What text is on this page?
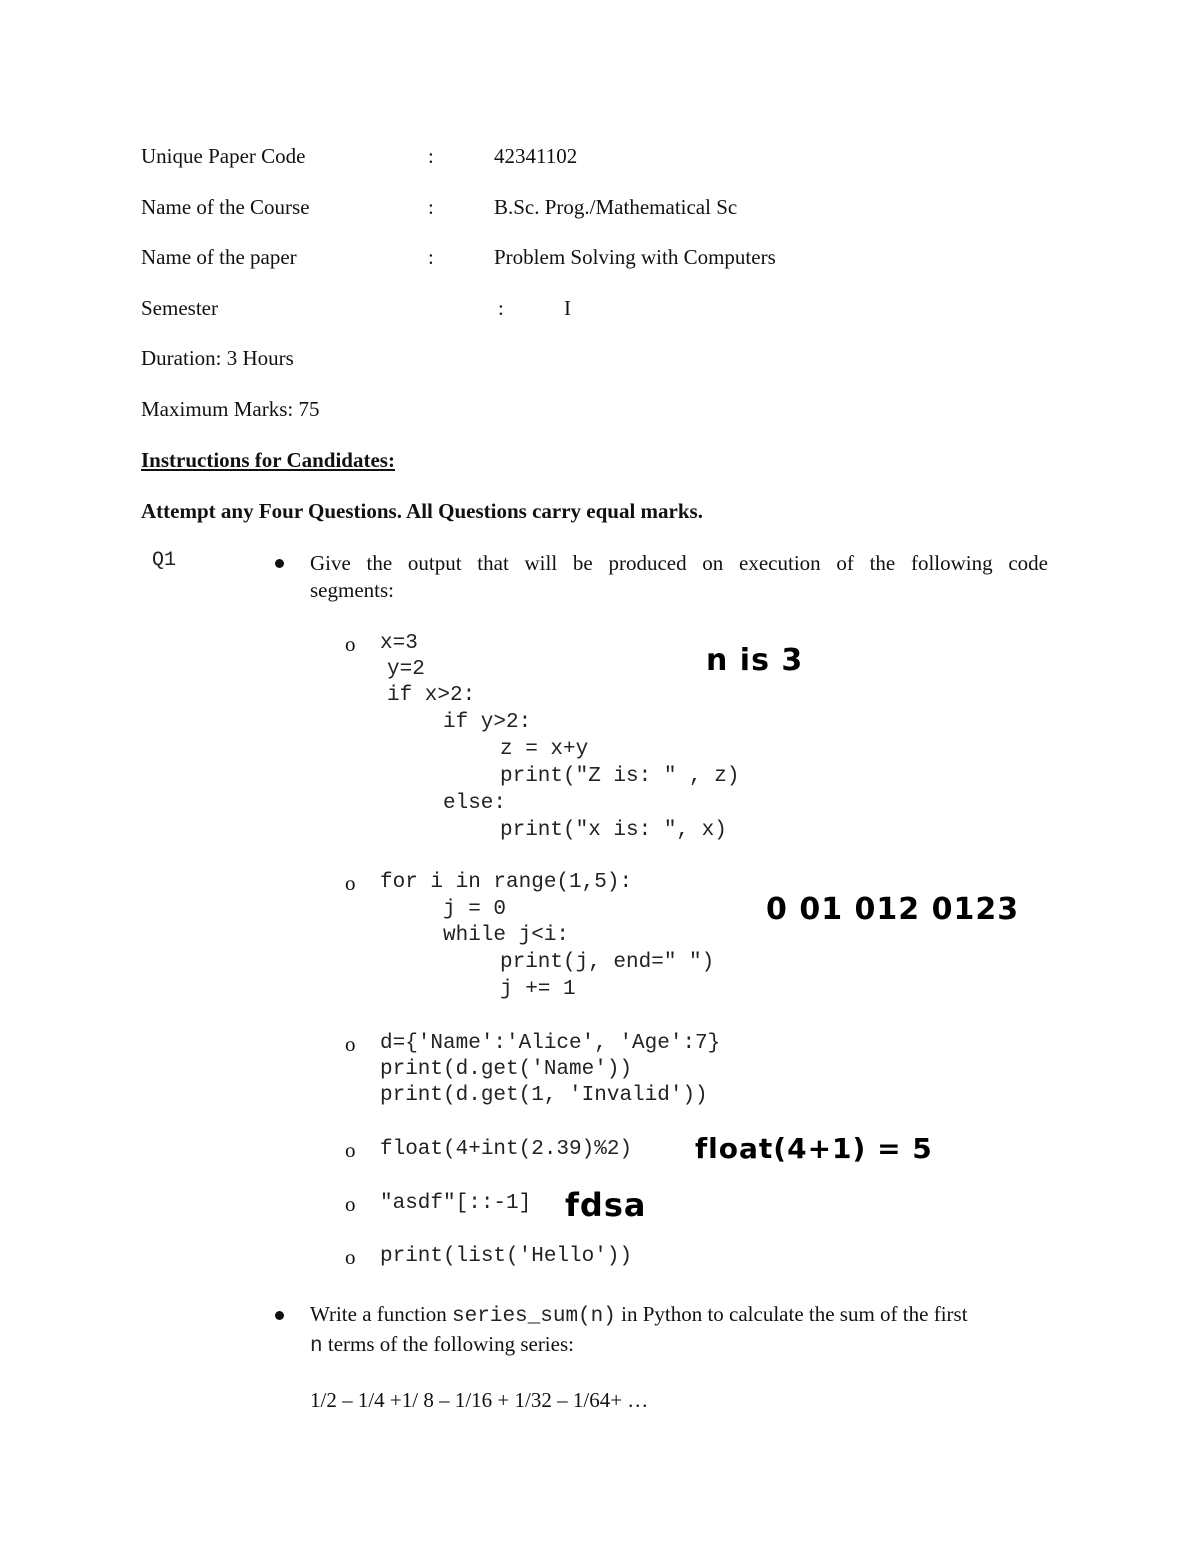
Unique Paper Code	:	42341102
Name of the Course	:	B.Sc. Prog./Mathematical Sc
Name of the paper	:	Problem Solving with Computers
Semester	:	I
Duration: 3 Hours
Maximum Marks: 75
Instructions for Candidates:
Attempt any Four Questions. All Questions carry equal marks.
Q1	Give the output that will be produced on execution of the following code
segments:
o x=3
y=2
if x>2:
if y>2:
z = x+y
print("Z is: " , z)
else:
print("x is: ", x)
o for i in range(1,5):
j = 0
while j<i:
print(j, end=" ")
j += 1
o d={'Name':'Alice', 'Age':7}
print(d.get('Name'))
print(d.get(1, 'Invalid'))
o float(4+int(2.39)%2)
o "asdf"[::-1]
o print(list('Hello'))
Write a function series_sum(n) in Python to calculate the sum of the first
n terms of the following series:
1/2 – 1/4 +1/ 8 – 1/16 + 1/32 – 1/64+ …
n is 3
0 01 012 0123
float(4+1) = 5
fdsa
